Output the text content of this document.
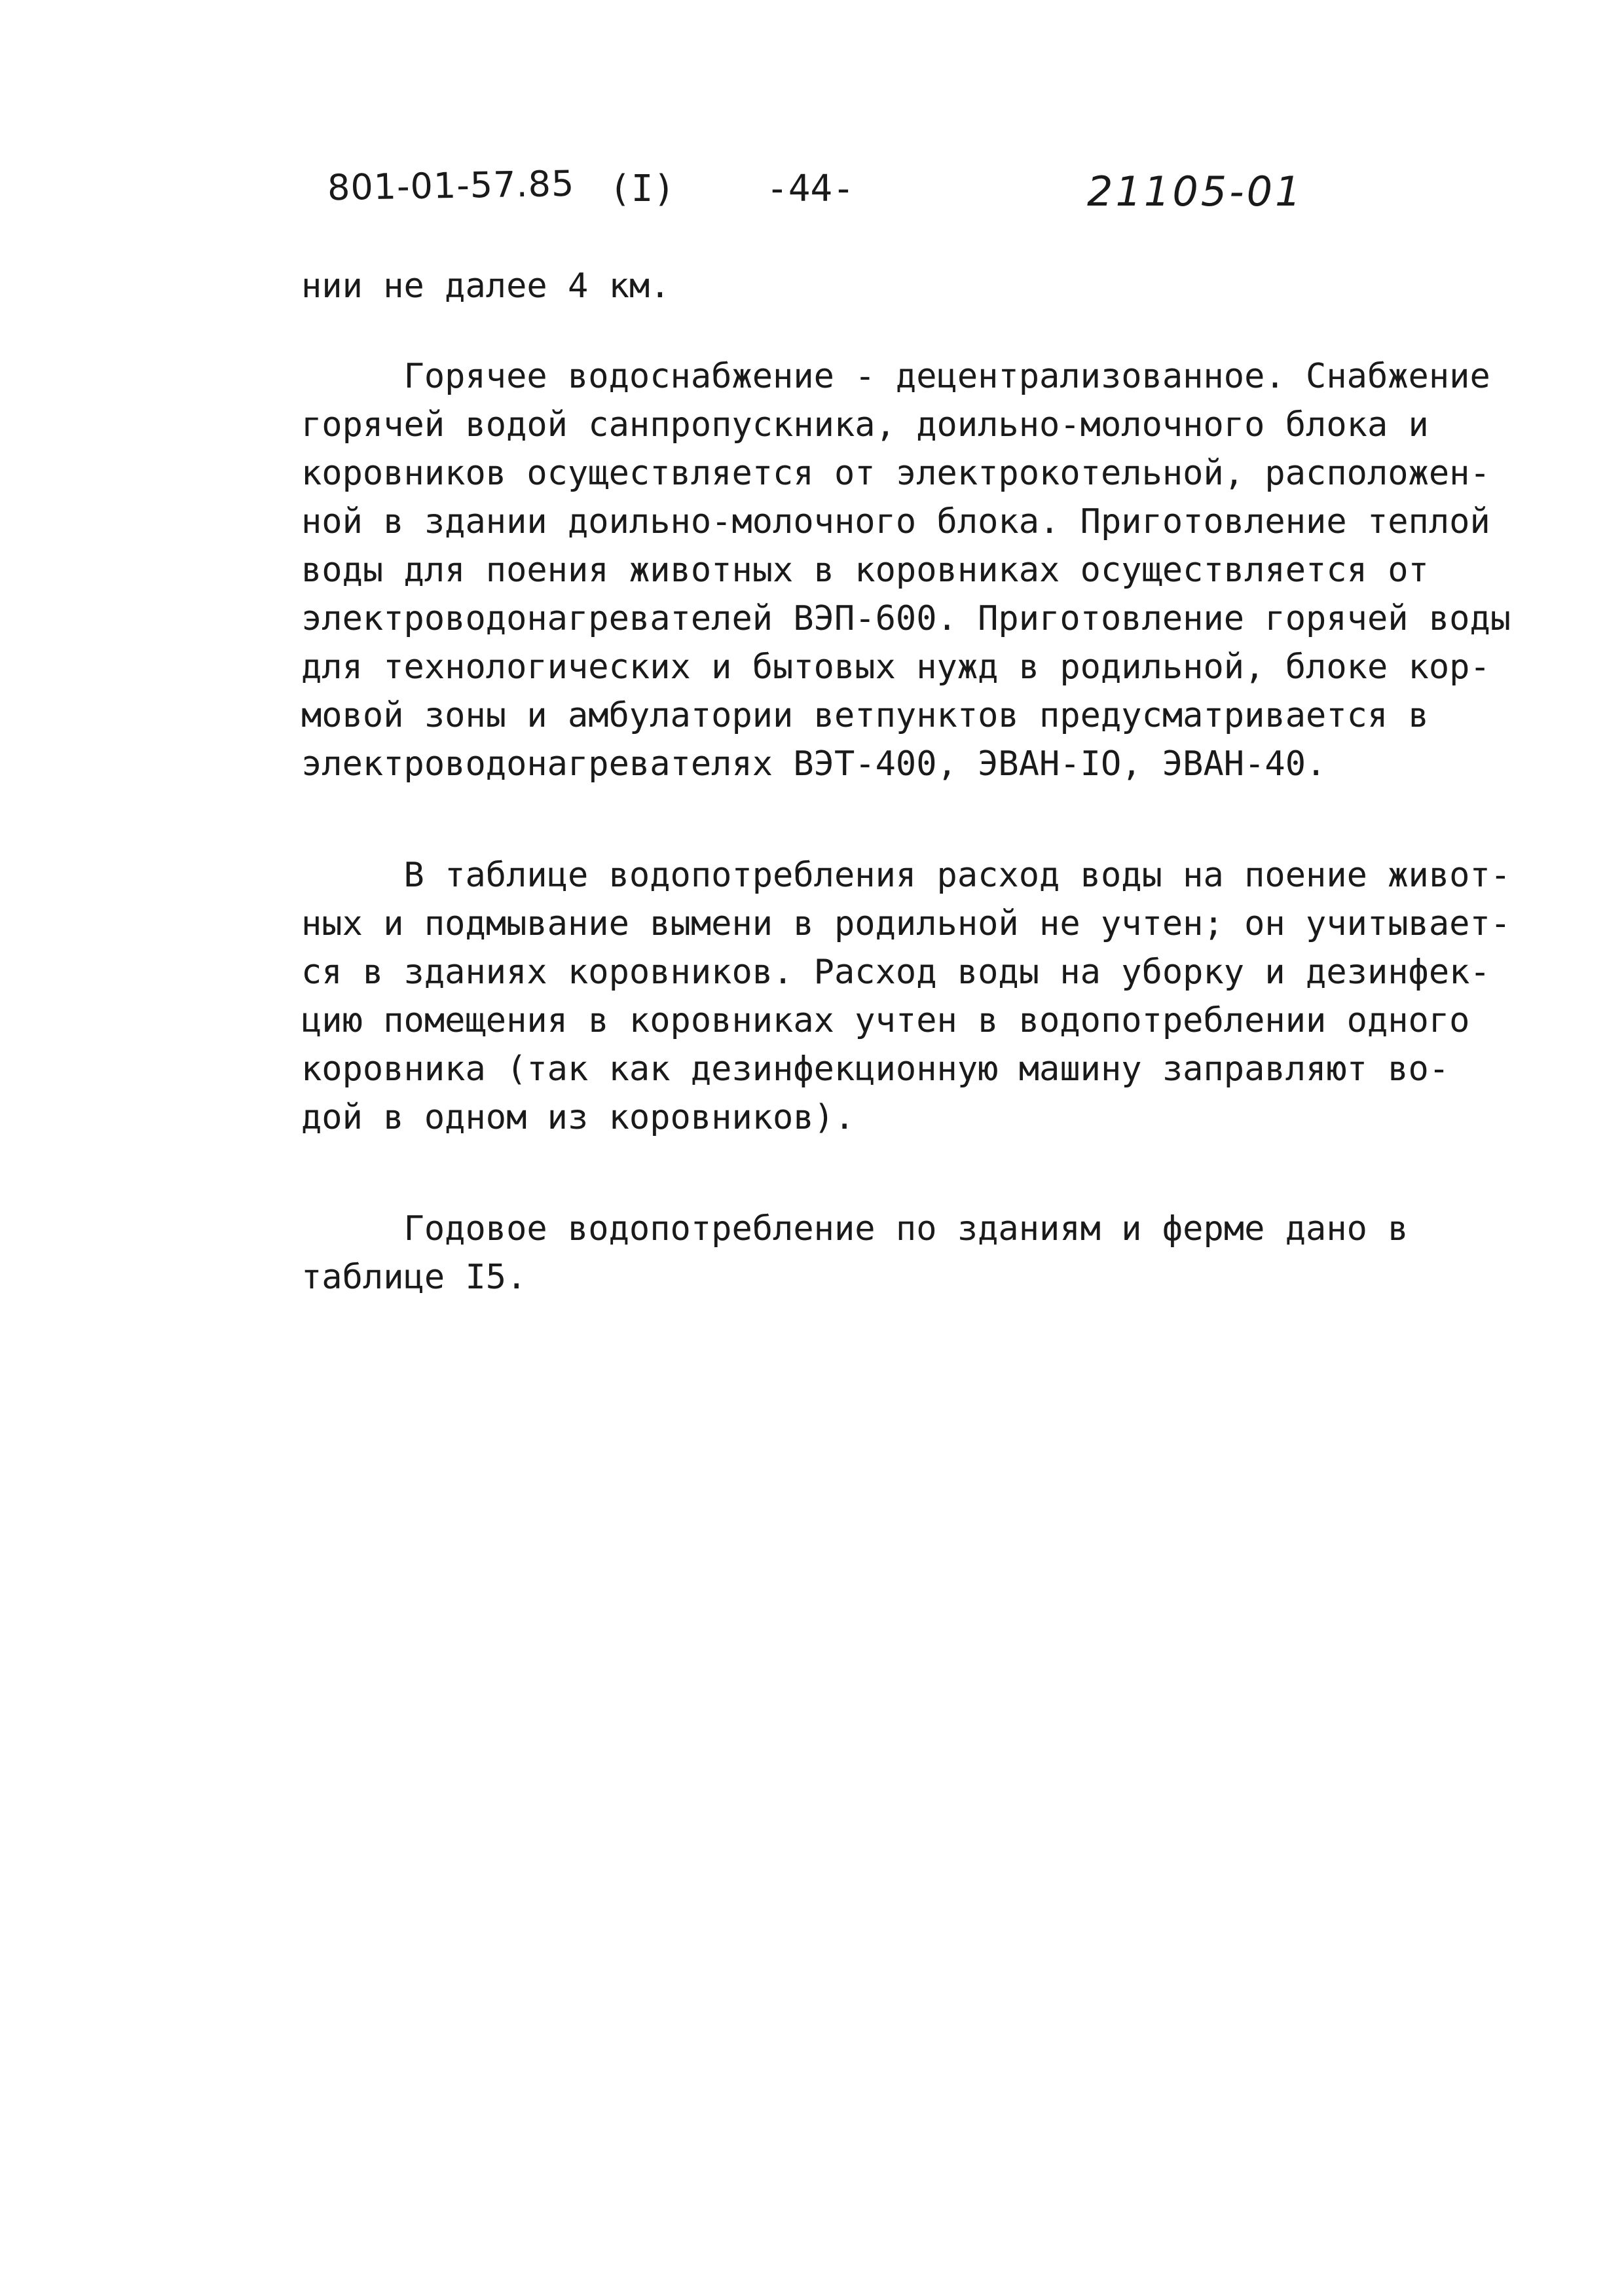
801-01-57.85 (I) -44-	21105-01
нии не далее 4 км.
Горячее водоснабжение - децентрализованное. Снабжение
горячей водой санпропускника, доильно-молочного блока и
коровников осуществляется от электрокотельной, расположен-
ной в здании доильно-молочного блока. Приготовление теплой
воды для поения животных в коровниках осуществляется от
электроводонагревателей ВЭП-600. Приготовление горячей воды
для технологических и бытовых нужд в родильной, блоке кор-
мовой зоны и амбулатории ветпунктов предусматривается в
электроводонагревателях ВЭТ-400, ЭВАН-IO, ЭВАН-40.
В таблице водопотребления расход воды на поение живот-
ных и подмывание вымени в родильной не учтен; он учитывает-
ся в зданиях коровников. Расход воды на уборку и дезинфек-
цию помещения в коровниках учтен в водопотреблении одного
коровника (так как дезинфекционную машину заправляют во-
дой в одном из коровников).
Годовое водопотребление по зданиям и ферме дано в
таблице I5.
